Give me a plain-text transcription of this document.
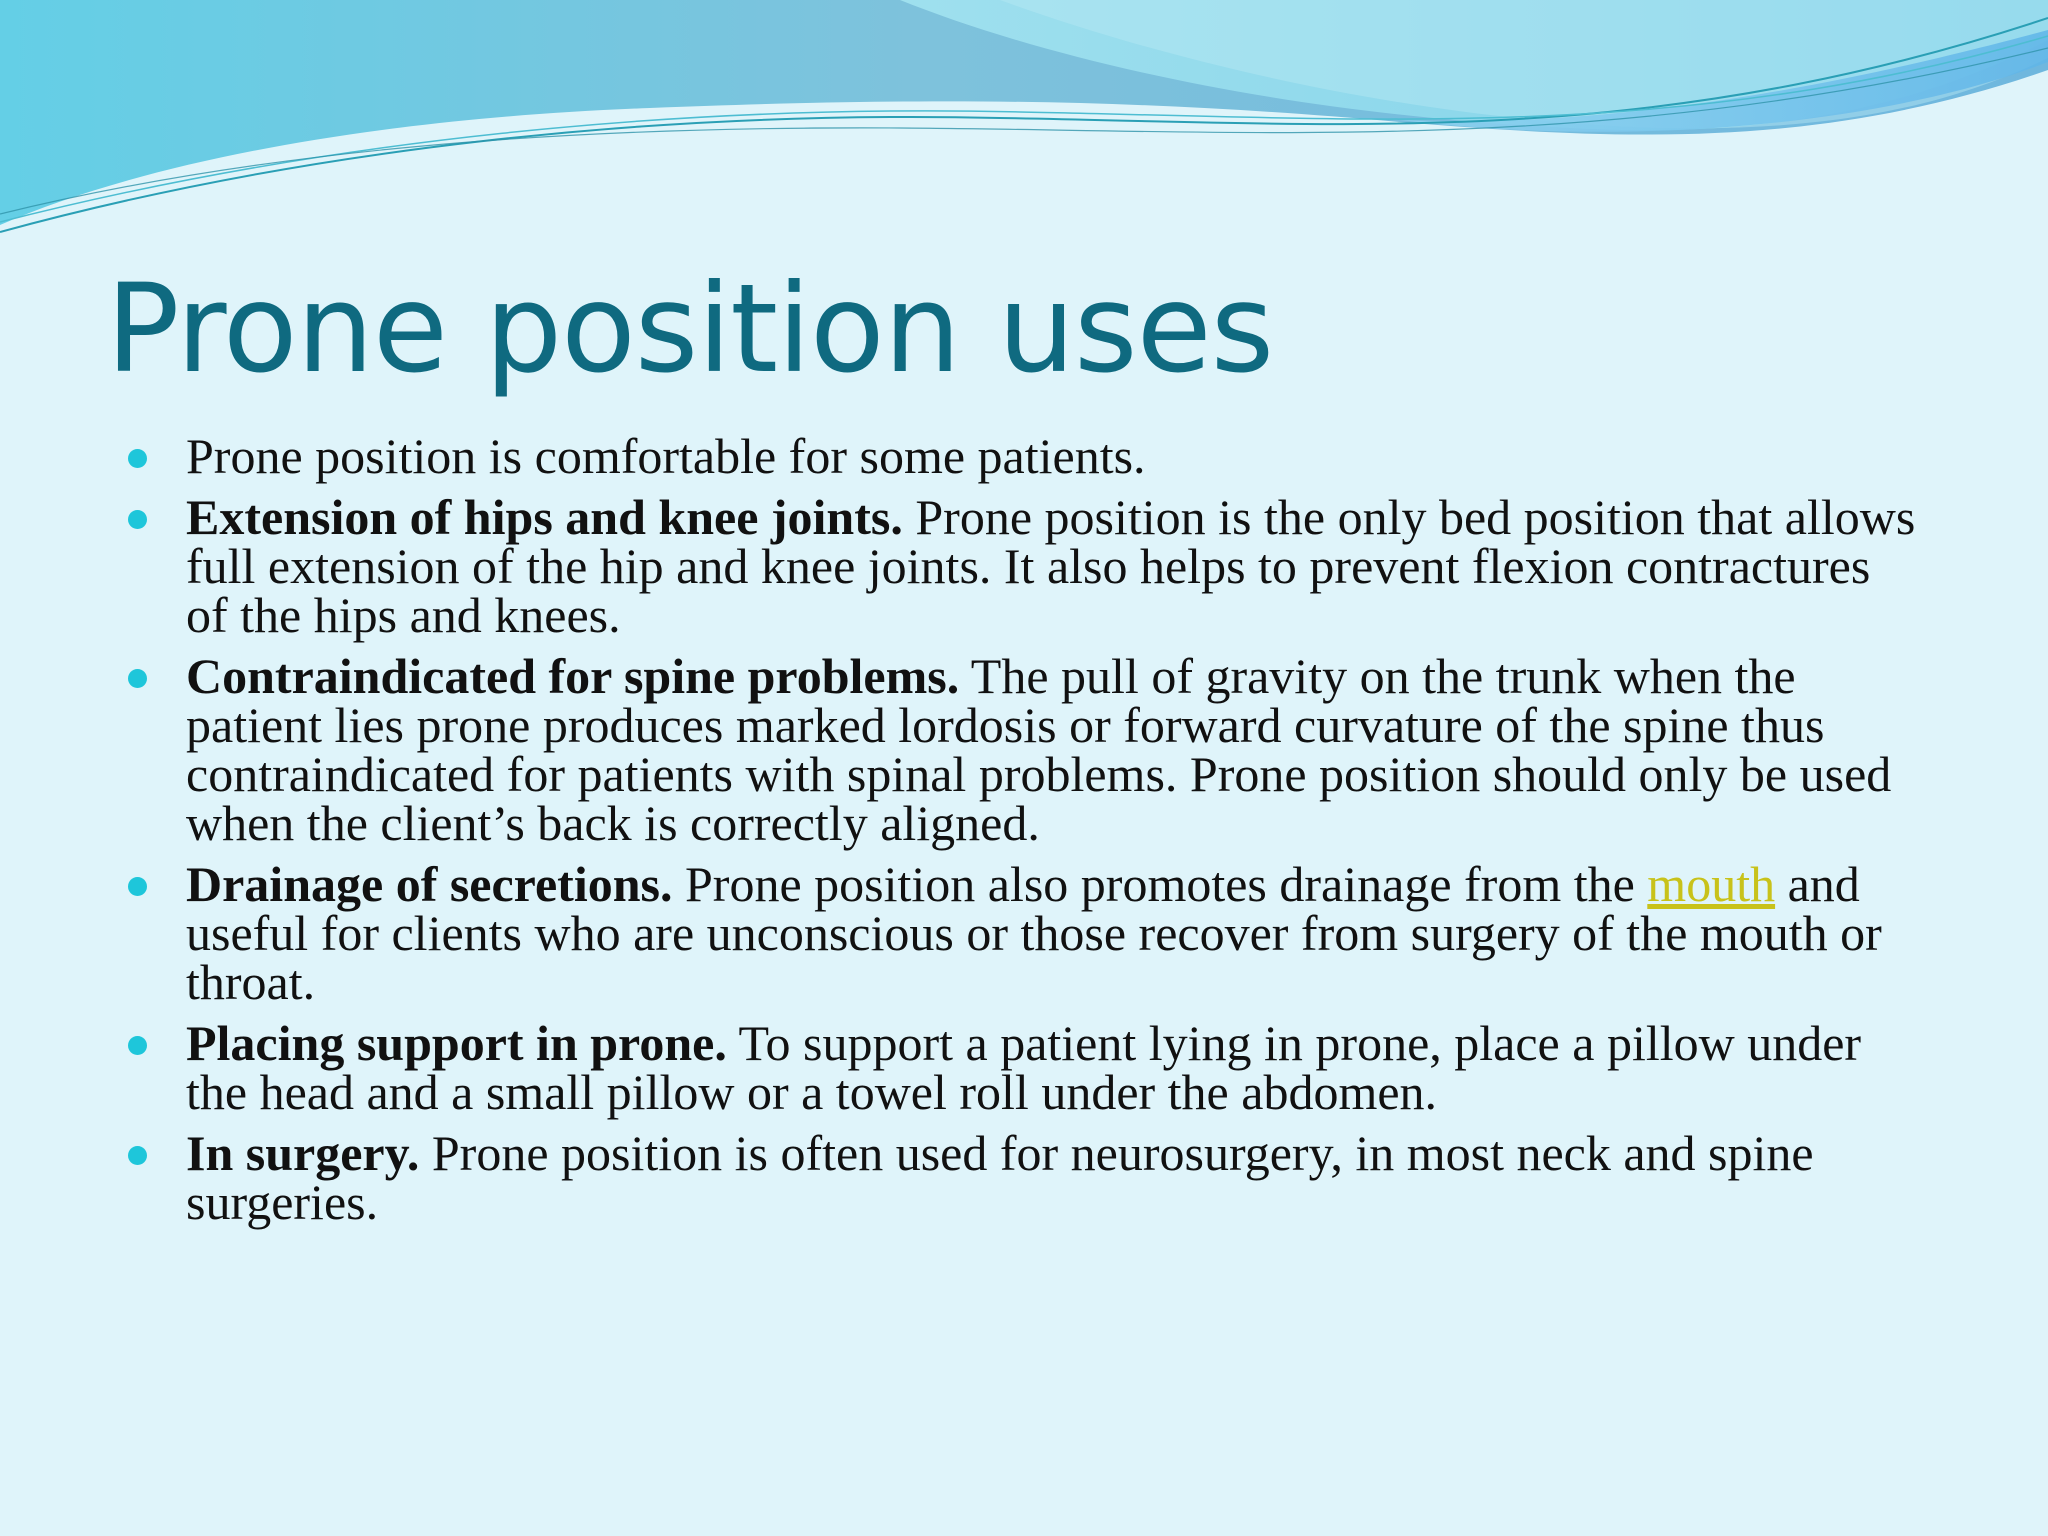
Prone position uses
Prone position is comfortable for some patients.
Extension of hips and knee joints. Prone position is the only bed position that allows full extension of the hip and knee joints. It also helps to prevent flexion contractures of the hips and knees.
Contraindicated for spine problems. The pull of gravity on the trunk when the patient lies prone produces marked lordosis or forward curvature of the spine thus contraindicated for patients with spinal problems. Prone position should only be used when the client’s back is correctly aligned.
Drainage of secretions. Prone position also promotes drainage from the mouth and useful for clients who are unconscious or those recover from surgery of the mouth or throat.
Placing support in prone. To support a patient lying in prone, place a pillow under the head and a small pillow or a towel roll under the abdomen.
In surgery. Prone position is often used for neurosurgery, in most neck and spine surgeries.
